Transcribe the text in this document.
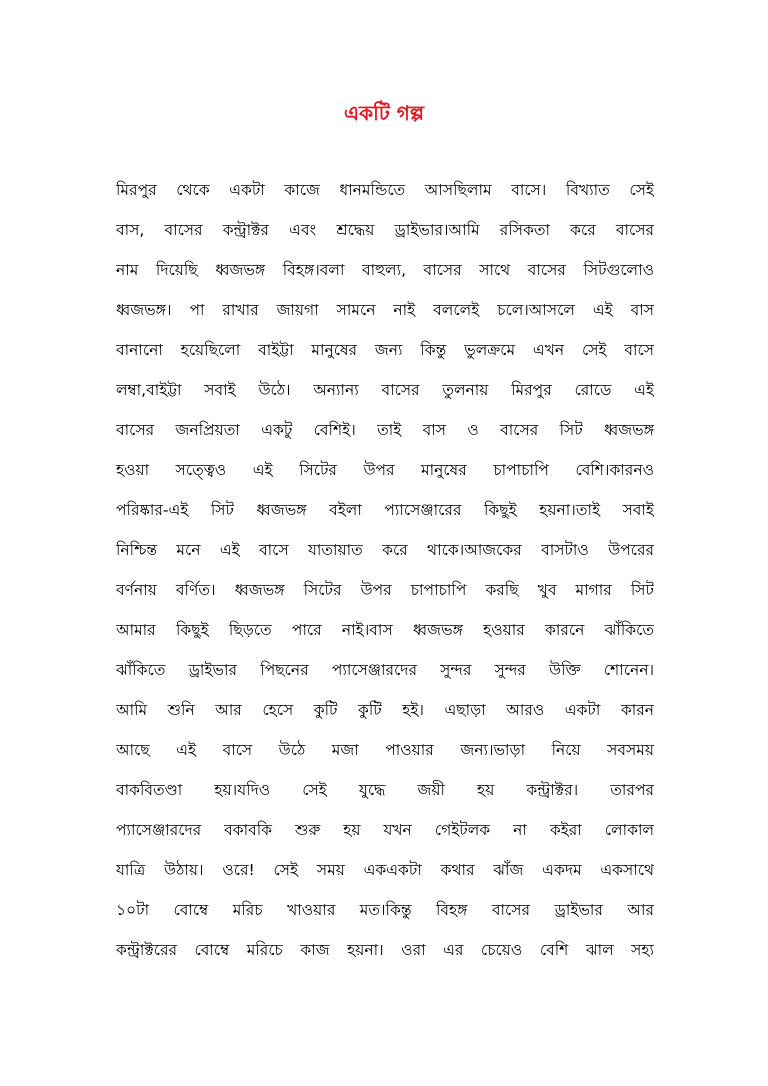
একটি গল্প
মিরপুর থেকে একটা কাজে ধানমন্ডিতে আসছিলাম বাসে। বিখ্যাত সেই
বাস, বাসের কন্ট্রাক্টর এবং শ্রদ্ধেয় ড্রাইভার।আমি রসিকতা করে বাসের
নাম দিয়েছি ধ্বজভঙ্গ বিহঙ্গ।বলা বাহুল্য, বাসের সাথে বাসের সিটগুলোও
ধ্বজভঙ্গ। পা রাখার জায়গা সামনে নাই বললেই চলে।আসলে এই বাস
বানানো হয়েছিলো বাইট্টা মানুষের জন্য কিন্তু ভুলক্রমে এখন সেই বাসে
লম্বা,বাইট্টা সবাই উঠে। অন্যান্য বাসের তুলনায় মিরপুর রোডে এই
বাসের জনপ্রিয়তা একটু বেশিই। তাই বাস ও বাসের সিট ধ্বজভঙ্গ
হওয়া সত্ত্বেও এই সিটের উপর মানুষের চাপাচাপি বেশি।কারনও
পরিষ্কার-এই সিট ধ্বজভঙ্গ বইলা প্যাসেঞ্জারের কিছুই হয়না।তাই সবাই
নিশ্চিন্ত মনে এই বাসে যাতায়াত করে থাকে।আজকের বাসটাও উপরের
বর্ণনায় বর্ণিত। ধ্বজভঙ্গ সিটের উপর চাপাচাপি করছি খুব মাগার সিট
আমার কিছুই ছিড়তে পারে নাই।বাস ধ্বজভঙ্গ হওয়ার কারনে ঝাঁকিতে
ঝাঁকিতে ড্রাইভার পিছনের প্যাসেঞ্জারদের সুন্দর সুন্দর উক্তি শোনেন।
আমি শুনি আর হেসে কুটি কুটি হই। এছাড়া আরও একটা কারন
আছে এই বাসে উঠে মজা পাওয়ার জন্য।ভাড়া নিয়ে সবসময়
বাকবিতণ্ডা হয়।যদিও সেই যুদ্ধে জয়ী হয় কন্ট্রাক্টর। তারপর
প্যাসেঞ্জারদের বকাবকি শুরু হয় যখন গেইটলক না কইরা লোকাল
যাত্রি উঠায়। ওরে! সেই সময় একএকটা কথার ঝাঁজ একদম একসাথে
১০টা বোম্বে মরিচ খাওয়ার মত।কিন্তু বিহঙ্গ বাসের ড্রাইভার আর
কন্ট্রাক্টরের বোম্বে মরিচে কাজ হয়না। ওরা এর চেয়েও বেশি ঝাল সহ্য
